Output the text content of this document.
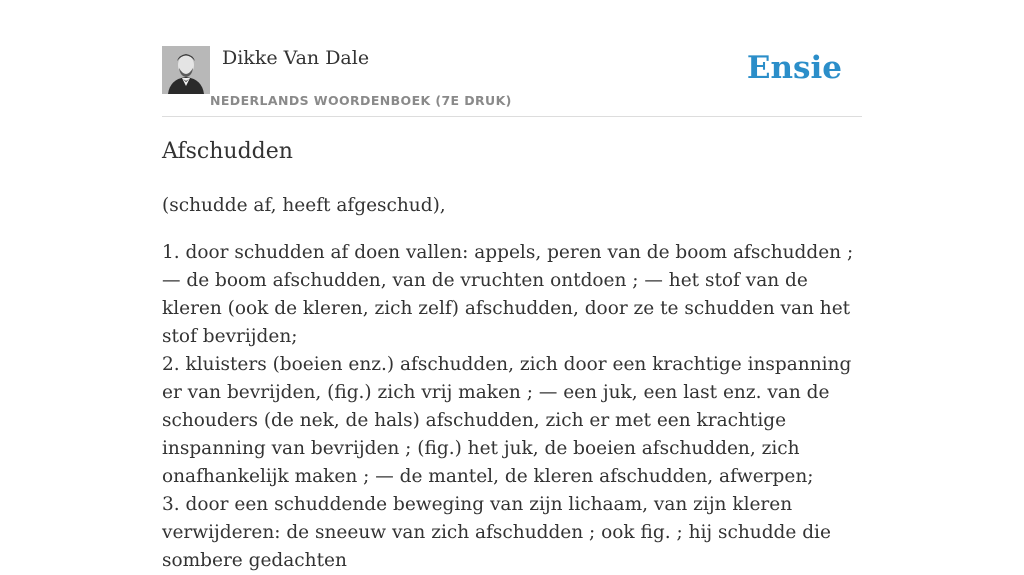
Dikke Van Dale
NEDERLANDS WOORDENBOEK (7E DRUK)
Ensie
Afschudden

(schudde af, heeft afgeschud),

1. door schudden af doen vallen: appels, peren van de boom afschudden ; — de boom afschudden, van de vruchten ontdoen ; — het stof van de kleren (ook de kleren, zich zelf) afschudden, door ze te schudden van het stof bevrijden;
2. kluisters (boeien enz.) afschudden, zich door een krachtige inspanning er van bevrijden, (fig.) zich vrij maken ; — een juk, een last enz. van de schouders (de nek, de hals) afschudden, zich er met een krachtige inspanning van bevrijden ; (fig.) het juk, de boeien afschudden, zich onafhankelijk maken ; — de mantel, de kleren afschudden, afwerpen;
3. door een schuddende beweging van zijn lichaam, van zijn kleren verwijderen: de sneeuw van zich afschudden ; ook fig. ; hij schudde die sombere gedachten
